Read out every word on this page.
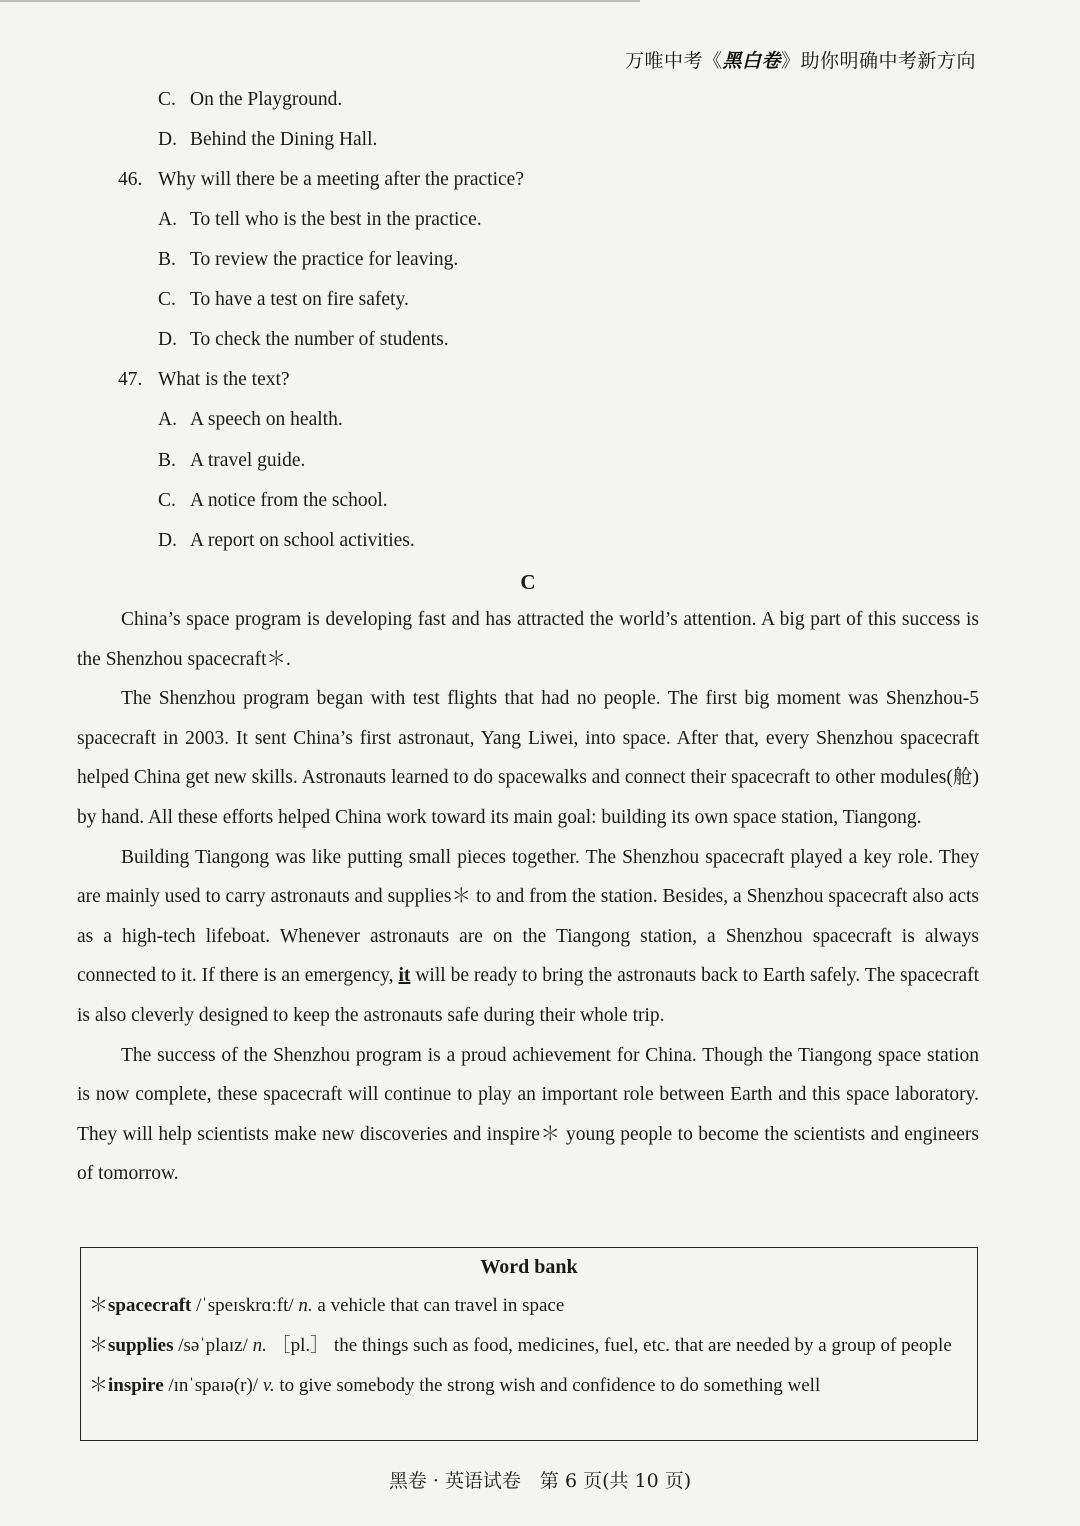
万唯中考《黑白卷》助你明确中考新方向
C. On the Playground.
D. Behind the Dining Hall.
46. Why will there be a meeting after the practice?
A. To tell who is the best in the practice.
B. To review the practice for leaving.
C. To have a test on fire safety.
D. To check the number of students.
47. What is the text?
A. A speech on health.
B. A travel guide.
C. A notice from the school.
D. A report on school activities.
C

China’s space program is developing fast and has attracted the world’s attention. A big part of this success is the Shenzhou spacecraft＊.

The Shenzhou program began with test flights that had no people. The first big moment was Shenzhou-5 spacecraft in 2003. It sent China’s first astronaut, Yang Liwei, into space. After that, every Shenzhou spacecraft helped China get new skills. Astronauts learned to do spacewalks and connect their spacecraft to other modules(舱) by hand. All these efforts helped China work toward its main goal: building its own space station, Tiangong.

Building Tiangong was like putting small pieces together. The Shenzhou spacecraft played a key role. They are mainly used to carry astronauts and supplies＊ to and from the station. Besides, a Shenzhou spacecraft also acts as a high-tech lifeboat. Whenever astronauts are on the Tiangong station, a Shenzhou spacecraft is always connected to it. If there is an emergency, it will be ready to bring the astronauts back to Earth safely. The spacecraft is also cleverly designed to keep the astronauts safe during their whole trip.

The success of the Shenzhou program is a proud achievement for China. Though the Tiangong space station is now complete, these spacecraft will continue to play an important role between Earth and this space laboratory. They will help scientists make new discoveries and inspire＊ young people to become the scientists and engineers of tomorrow.

Word bank

＊spacecraft /ˈspeɪskrɑːft/ n. a vehicle that can travel in space

＊supplies /səˈplaɪz/ n. ［pl.］ the things such as food, medicines, fuel, etc. that are needed by a group of people

＊inspire /ɪnˈspaɪə(r)/ v. to give somebody the strong wish and confidence to do something well

黑卷 · 英语试卷　第 6 页(共 10 页)
